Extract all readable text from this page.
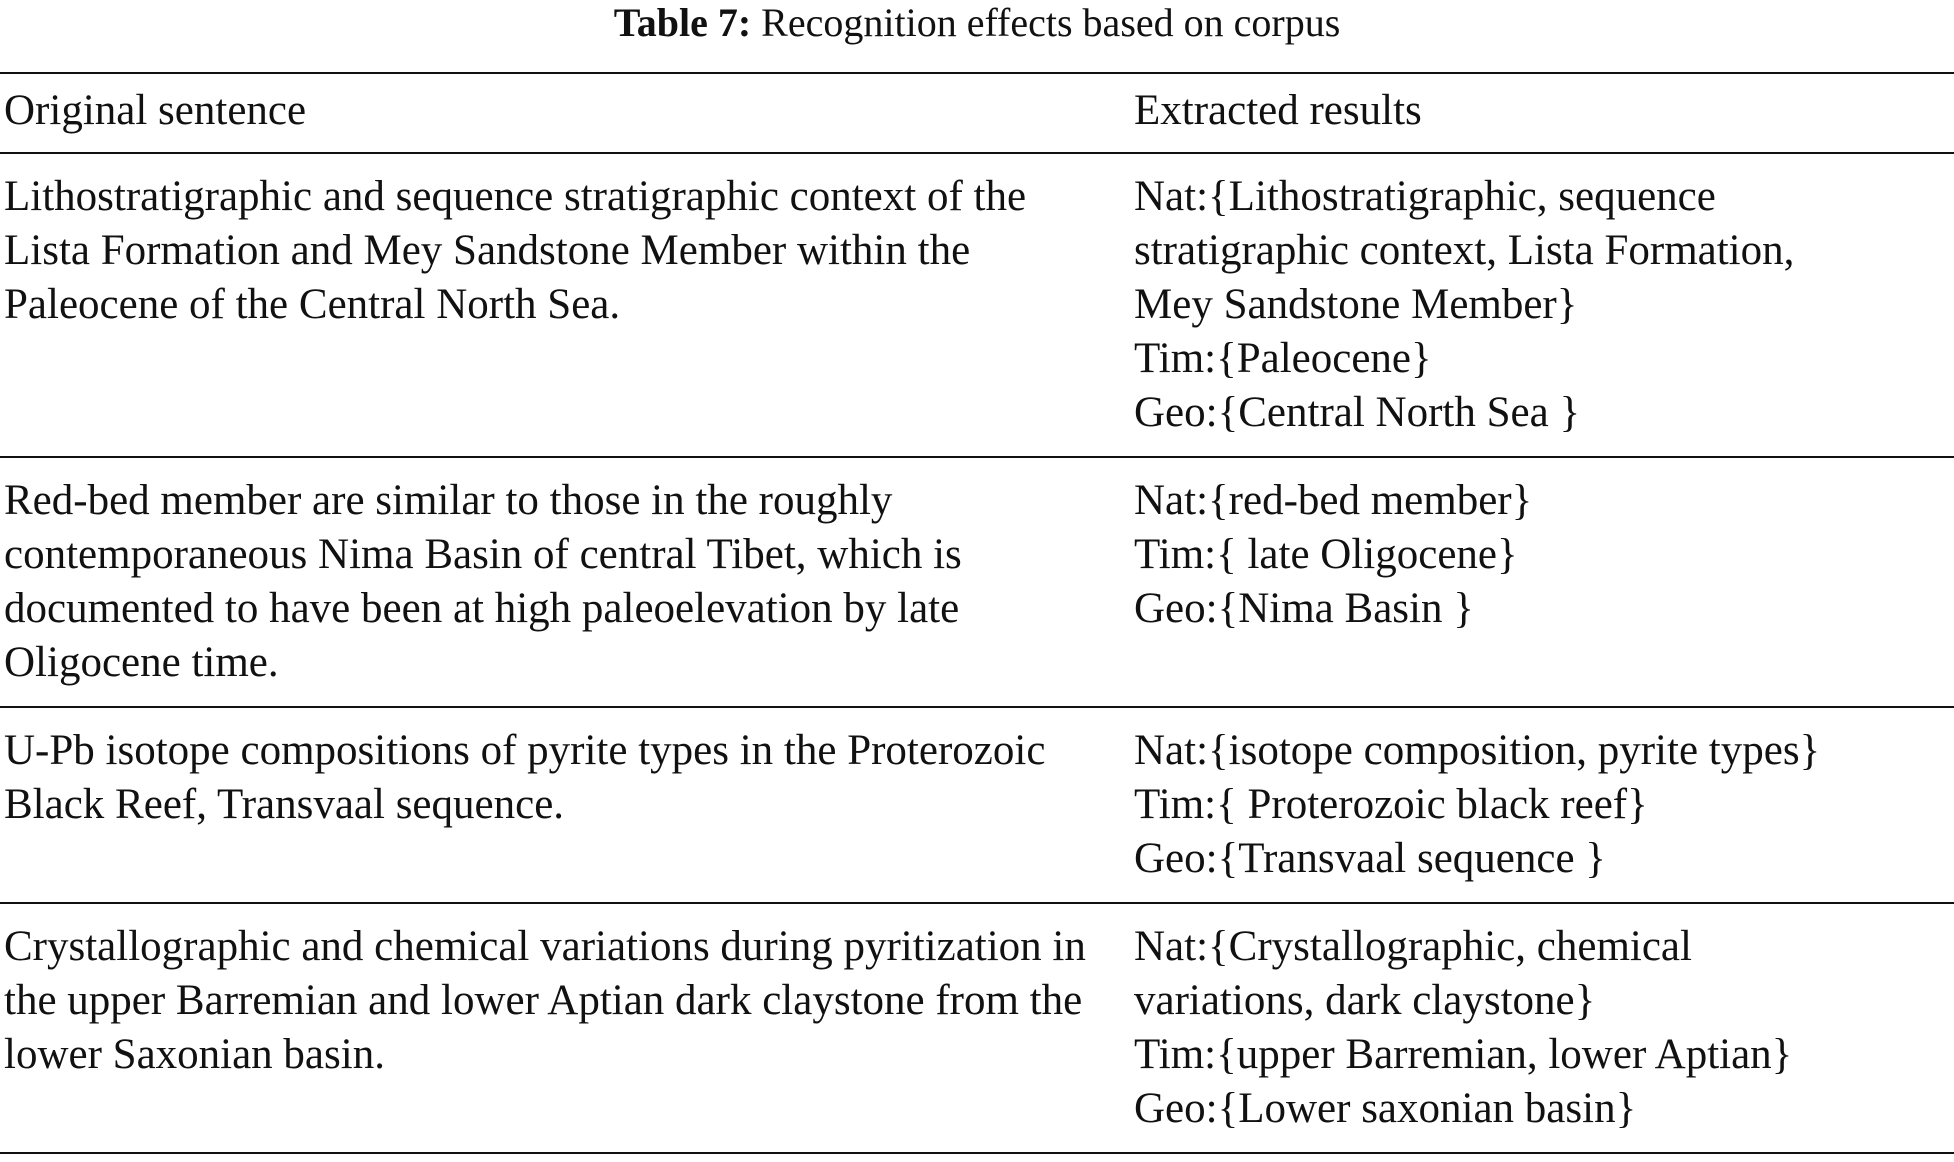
Table 7: Recognition effects based on corpus
Original sentence	Extracted results

Lithostratigraphic and sequence stratigraphic context of the Lista Formation and Mey Sandstone Member within the Paleocene of the Central North Sea.	Nat:{Lithostratigraphic, sequence
stratigraphic context, Lista Formation,
Mey Sandstone Member}
Tim:{Paleocene}
Geo:{Central North Sea }

Red-bed member are similar to those in the roughly contemporaneous Nima Basin of central Tibet, which is documented to have been at high paleoelevation by late Oligocene time.	Nat:{red-bed member}
Tim:{ late Oligocene}
Geo:{Nima Basin }

U-Pb isotope compositions of pyrite types in the Proterozoic Black Reef, Transvaal sequence.	Nat:{isotope composition, pyrite types}
Tim:{ Proterozoic black reef}
Geo:{Transvaal sequence }

Crystallographic and chemical variations during pyritization in the upper Barremian and lower Aptian dark claystone from the lower Saxonian basin.	Nat:{Crystallographic, chemical
variations, dark claystone}
Tim:{upper Barremian, lower Aptian}
Geo:{Lower saxonian basin}
